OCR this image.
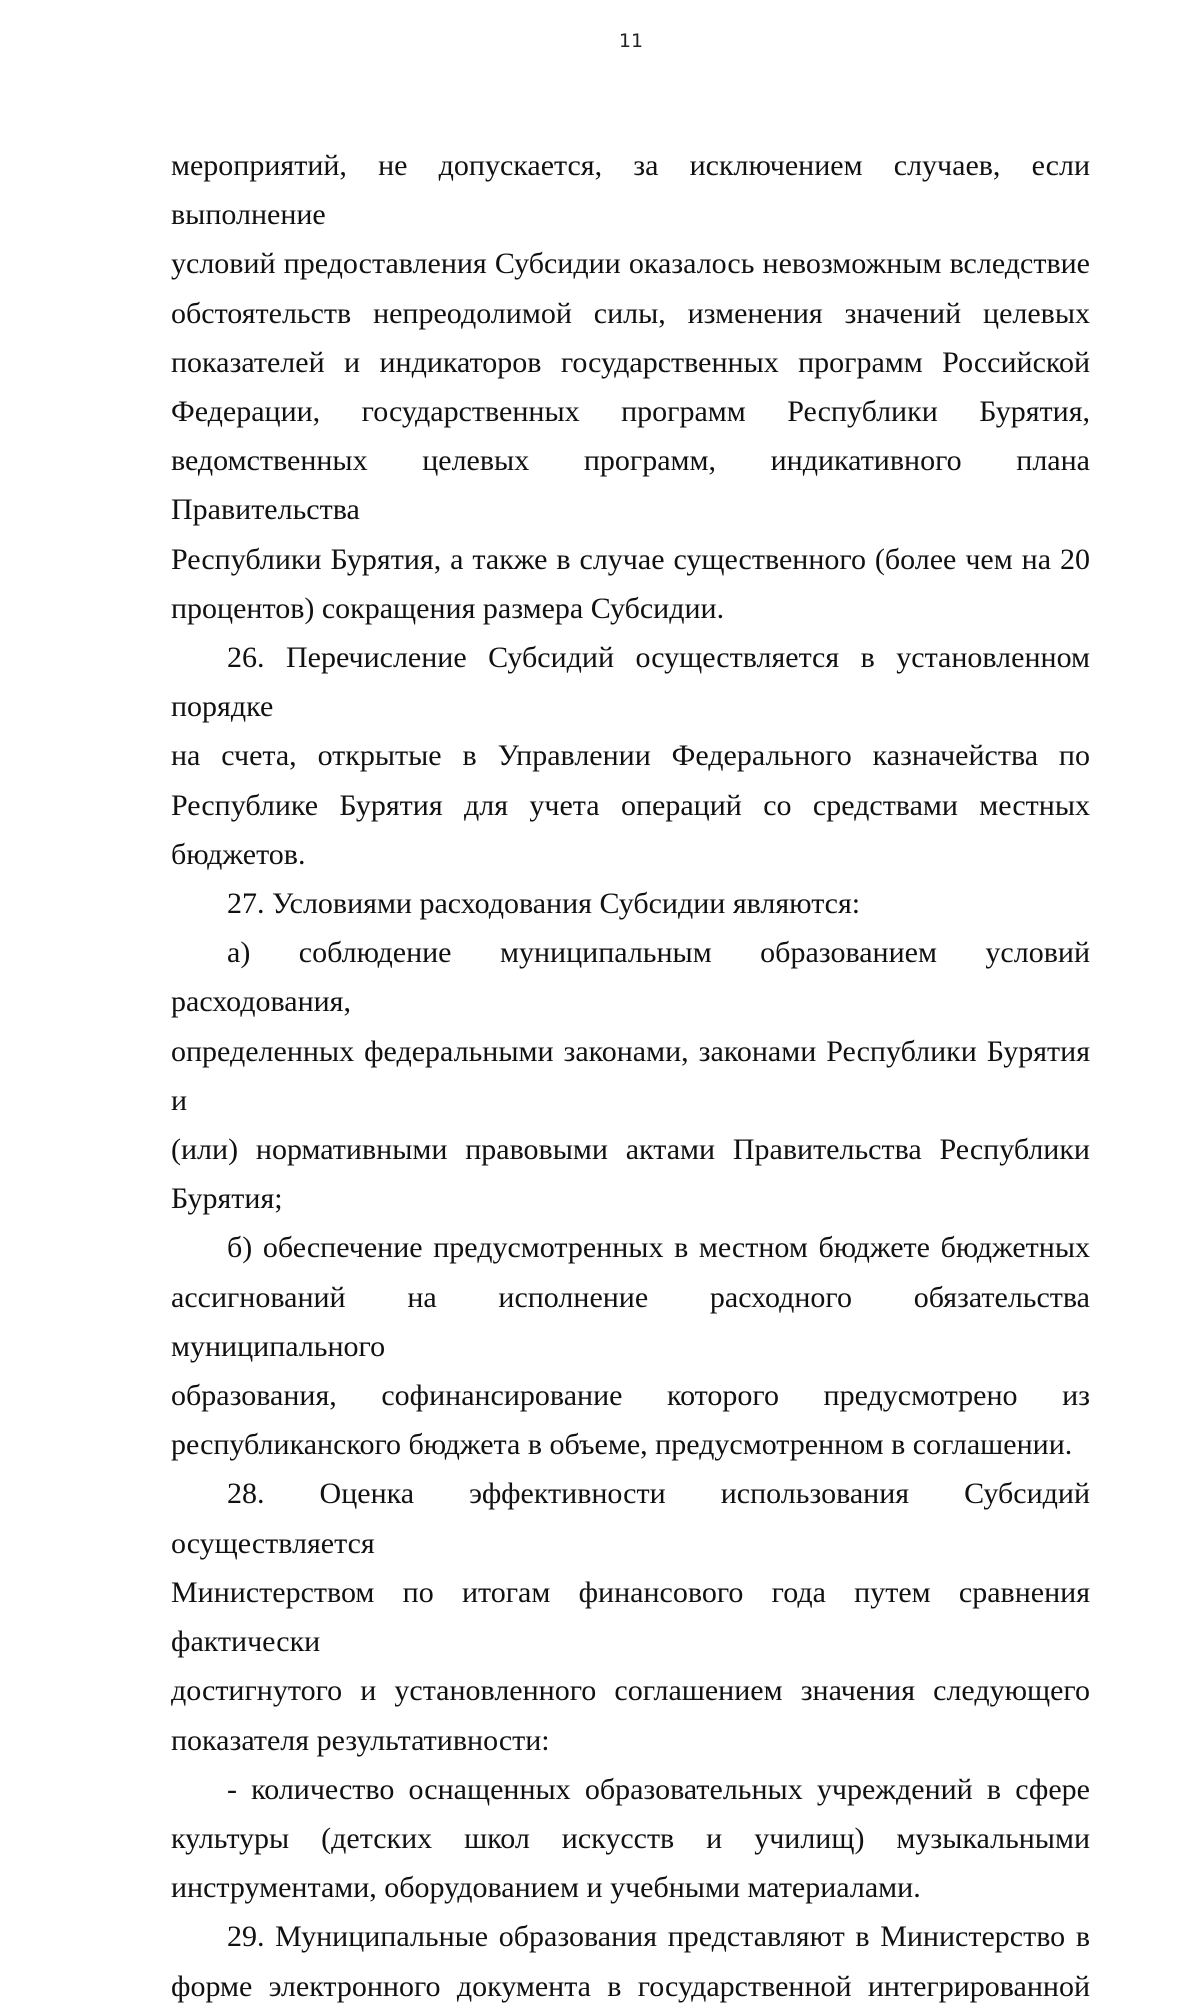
11

мероприятий, не допускается, за исключением случаев, если выполнение

условий предоставления Субсидии оказалось невозможным вследствие

обстоятельств непреодолимой силы, изменения значений целевых

показателей и индикаторов государственных программ Российской

Федерации, государственных программ Республики Бурятия,

ведомственных целевых программ, индикативного плана Правительства

Республики Бурятия, а также в случае существенного (более чем на 20

процентов) сокращения размера Субсидии.

26. Перечисление Субсидий осуществляется в установленном порядке

на счета, открытые в Управлении Федерального казначейства по

Республике Бурятия для учета операций со средствами местных бюджетов.

27. Условиями расходования Субсидии являются:

а) соблюдение муниципальным образованием условий расходования,

определенных федеральными законами, законами Республики Бурятия и

(или) нормативными правовыми актами Правительства Республики

Бурятия;

б) обеспечение предусмотренных в местном бюджете бюджетных

ассигнований на исполнение расходного обязательства муниципального

образования, софинансирование которого предусмотрено из

республиканского бюджета в объеме, предусмотренном в соглашении.

28. Оценка эффективности использования Субсидий осуществляется

Министерством по итогам финансового года путем сравнения фактически

достигнутого и установленного соглашением значения следующего

показателя результативности:

- количество оснащенных образовательных учреждений в сфере

культуры (детских школ искусств и училищ) музыкальными

инструментами, оборудованием и учебными материалами.

29. Муниципальные образования представляют в Министерство в

форме электронного документа в государственной интегрированной
